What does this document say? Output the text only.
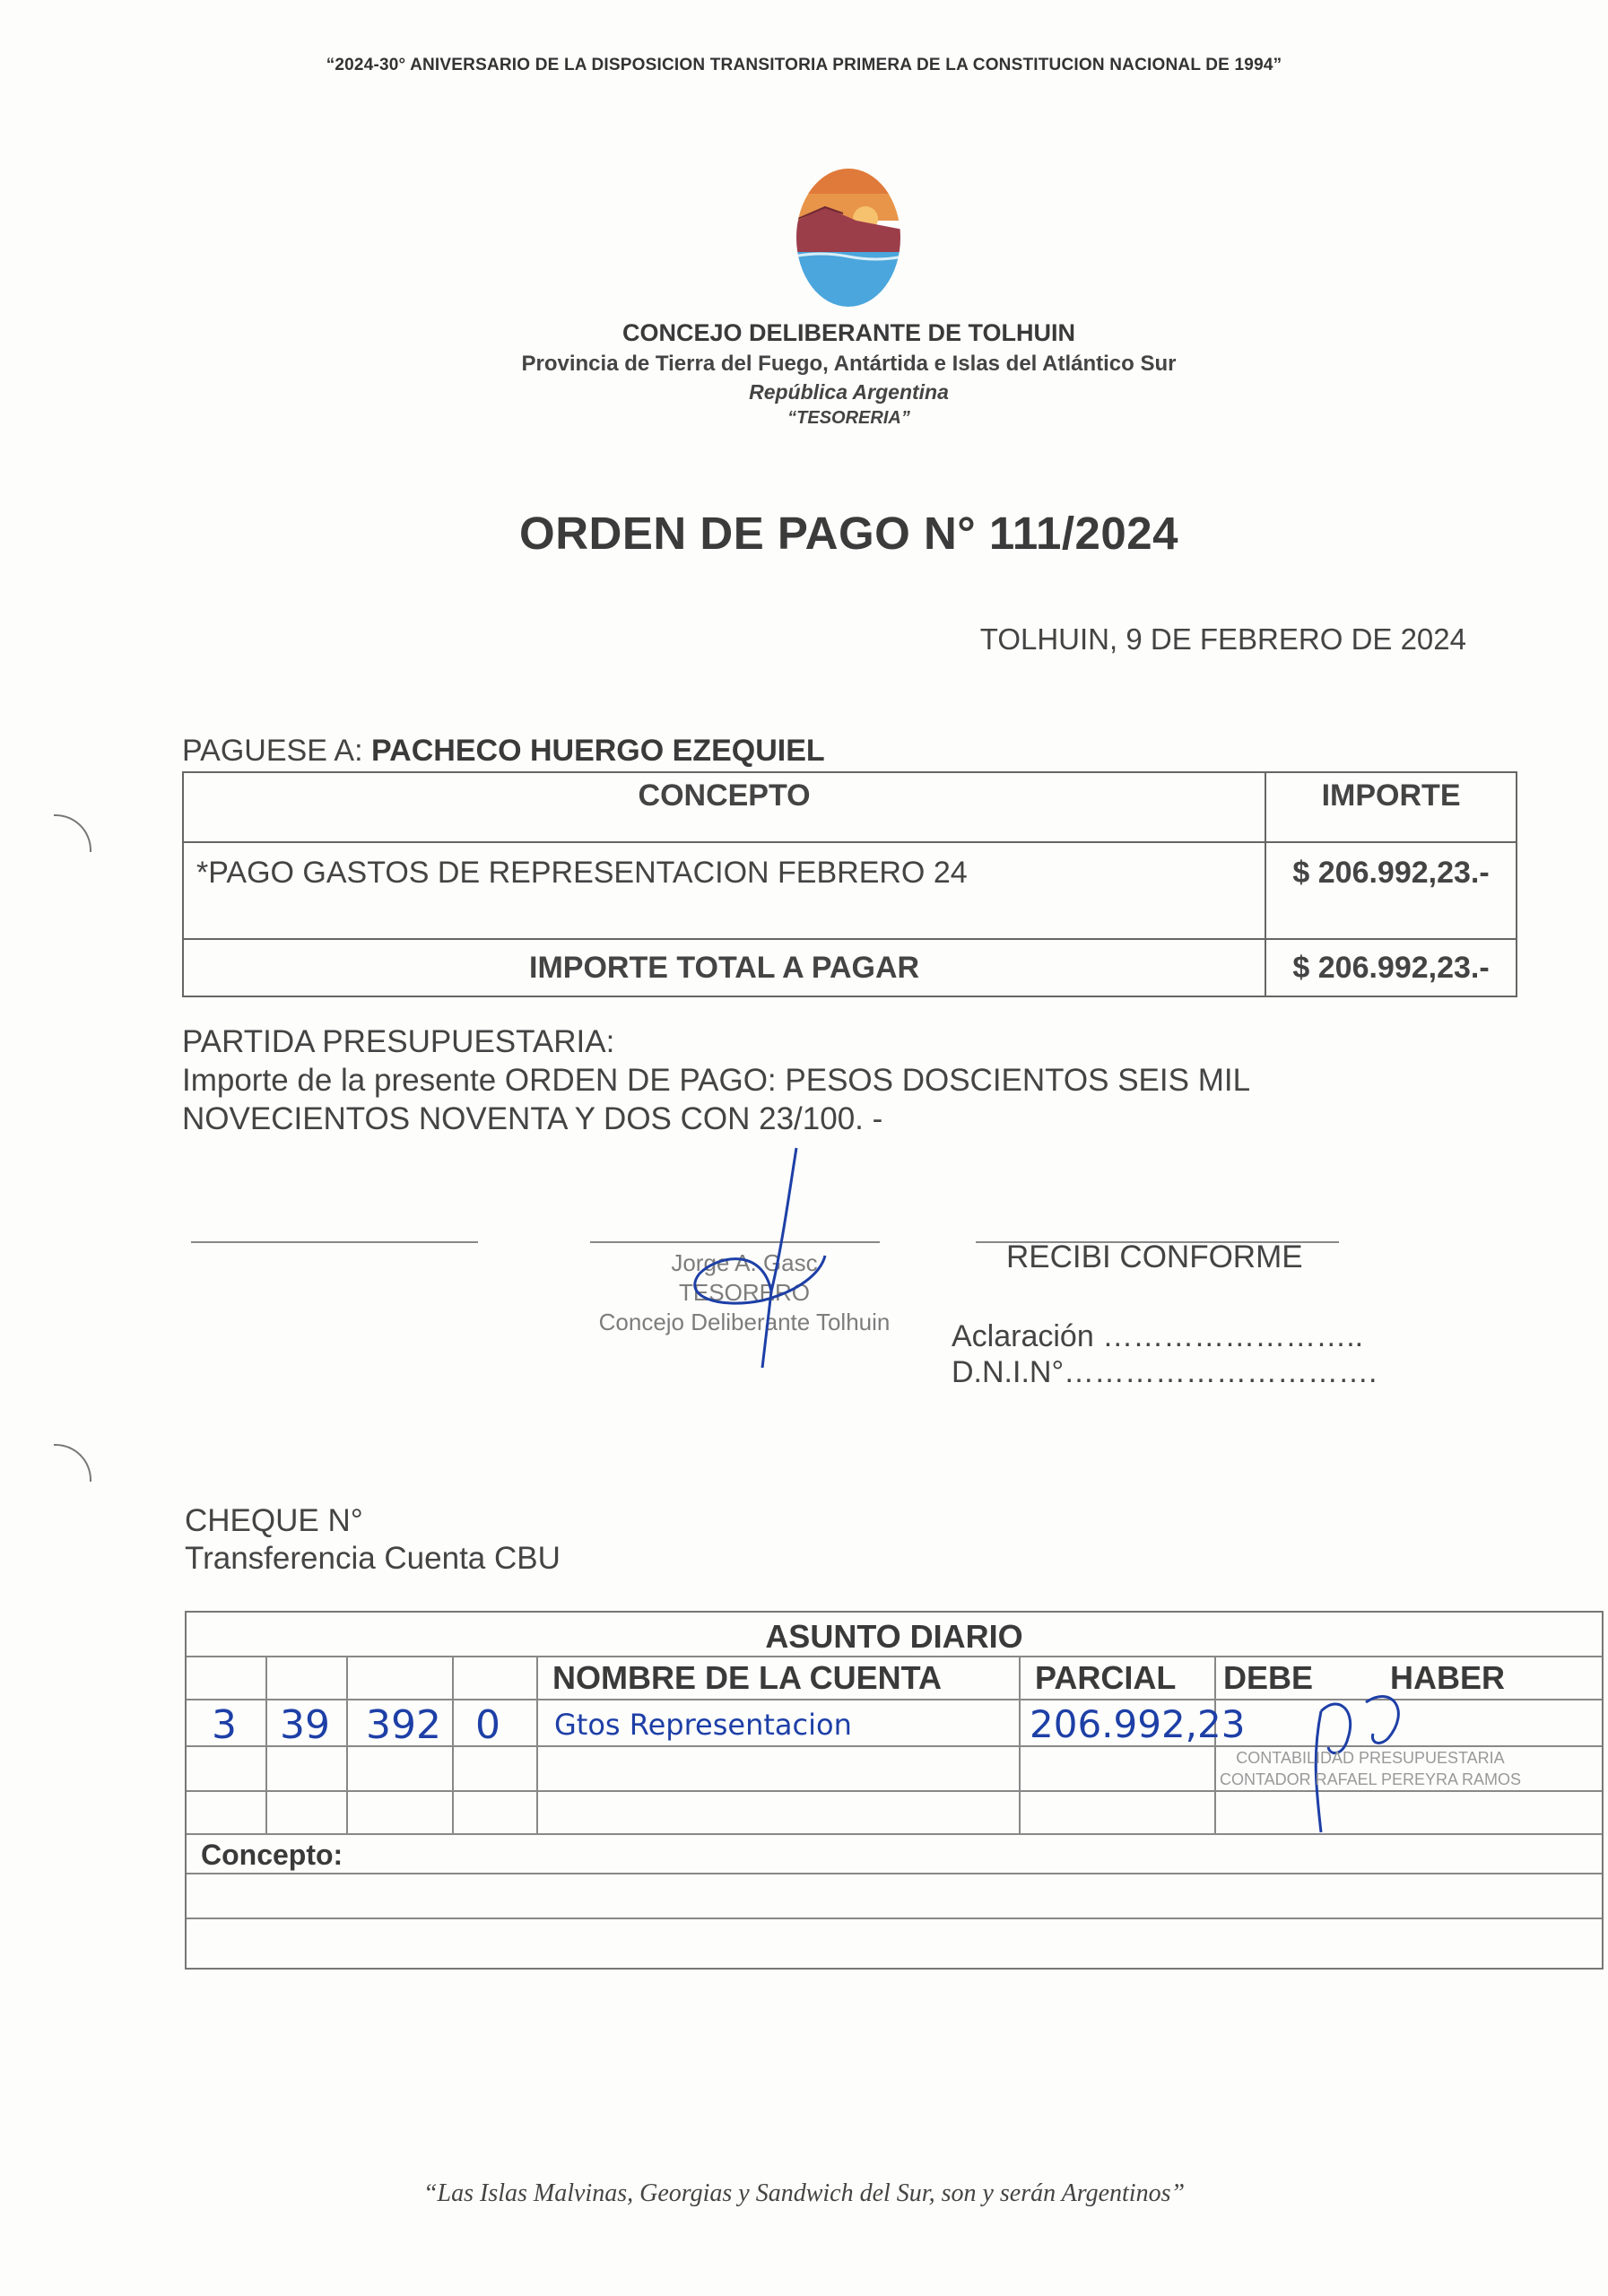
“2024-30° ANIVERSARIO DE LA DISPOSICION TRANSITORIA PRIMERA DE LA CONSTITUCION NACIONAL DE 1994”
CONCEJO DELIBERANTE DE TOLHUIN
Provincia de Tierra del Fuego, Antártida e Islas del Atlántico Sur
República Argentina
“TESORERIA”
ORDEN DE PAGO N° 111/2024
TOLHUIN, 9 DE FEBRERO DE 2024
PAGUESE A: PACHECO HUERGO EZEQUIEL
CONCEPTO	IMPORTE
*PAGO GASTOS DE REPRESENTACION FEBRERO 24	$ 206.992,23.-
IMPORTE TOTAL A PAGAR	$ 206.992,23.-
PARTIDA PRESUPUESTARIA:
Importe de la presente ORDEN DE PAGO: PESOS DOSCIENTOS SEIS MIL
NOVECIENTOS NOVENTA Y DOS CON 23/100. -
Jorge A. Gasc
TESORERO
Concejo Deliberante Tolhuin
RECIBI CONFORME
Aclaración ……………………..
D.N.I.N°………………………….
CHEQUE N°
Transferencia Cuenta CBU
ASUNTO DIARIO
NOMBRE DE LA CUENTA	PARCIAL DEBE HABER
3 39 392 0 Gtos Representacion	206.992,23
CONTABILIDAD PRESUPUESTARIA
CONTADOR RAFAEL PEREYRA RAMOS
Concepto:
“Las Islas Malvinas, Georgias y Sandwich del Sur, son y serán Argentinos”
